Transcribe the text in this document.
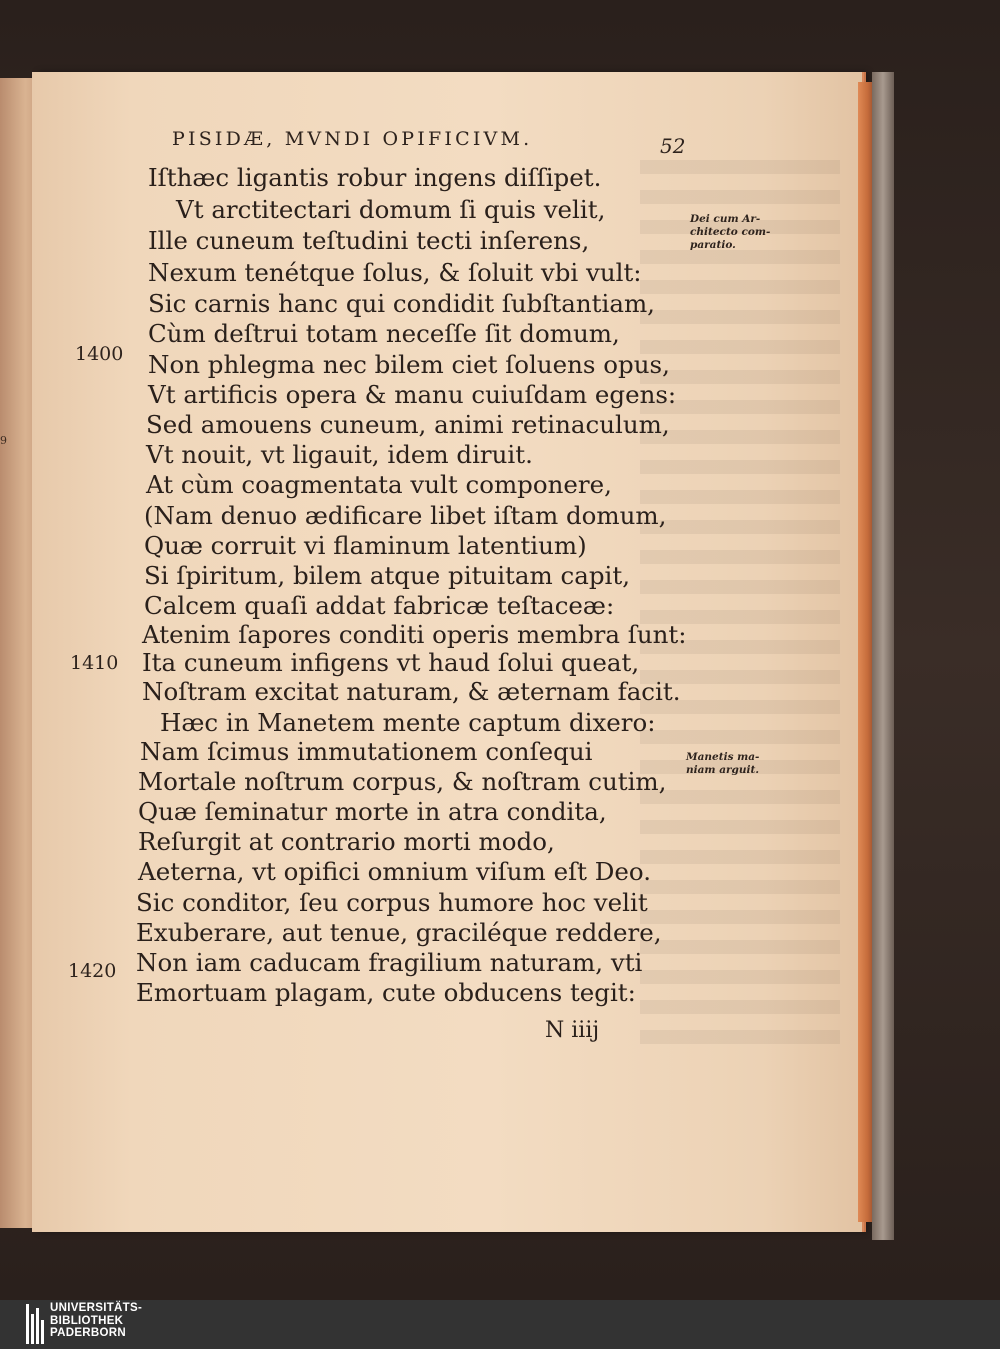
9
PISIDÆ, MVNDI OPIFICIVM.	52
Iſthæc ligantis robur ingens diſſipet.
Vt arctitectari domum ſi quis velit,
Ille cuneum teſtudini tecti inſerens,
Nexum tenétque ſolus, & ſoluit vbi vult:
Sic carnis hanc qui condidit ſubſtantiam,
Cùm deſtrui totam neceſſe ſit domum,
Non phlegma nec bilem ciet ſoluens opus,
Vt artificis opera & manu cuiuſdam egens:
Sed amouens cuneum, animi retinaculum,
Vt nouit, vt ligauit, idem diruit.
At cùm coagmentata vult componere,
(Nam denuo ædificare libet iſtam domum,
Quæ corruit vi flaminum latentium)
Si ſpiritum, bilem atque pituitam capit,
Calcem quaſi addat fabricæ teſtaceæ:
Atenim ſapores conditi operis membra ſunt:
Ita cuneum infigens vt haud ſolui queat,
Noſtram excitat naturam, & æternam facit.
Hæc in Manetem mente captum dixero:
Nam ſcimus immutationem conſequi
Mortale noſtrum corpus, & noſtram cutim,
Quæ ſeminatur morte in atra condita,
Reſurgit at contrario morti modo,
Aeterna, vt opifici omnium viſum eſt Deo.
Sic conditor, ſeu corpus humore hoc velit
Exuberare, aut tenue, graciléque reddere,
Non iam caducam fragilium naturam, vti
Emortuam plagam, cute obducens tegit:
1400
1410
1420
Dei cum Ar-
chitecto com-
paratio.
Manetis ma-
niam arguit.
N iiij
UNIVERSITÄTS-
BIBLIOTHEK
PADERBORN
